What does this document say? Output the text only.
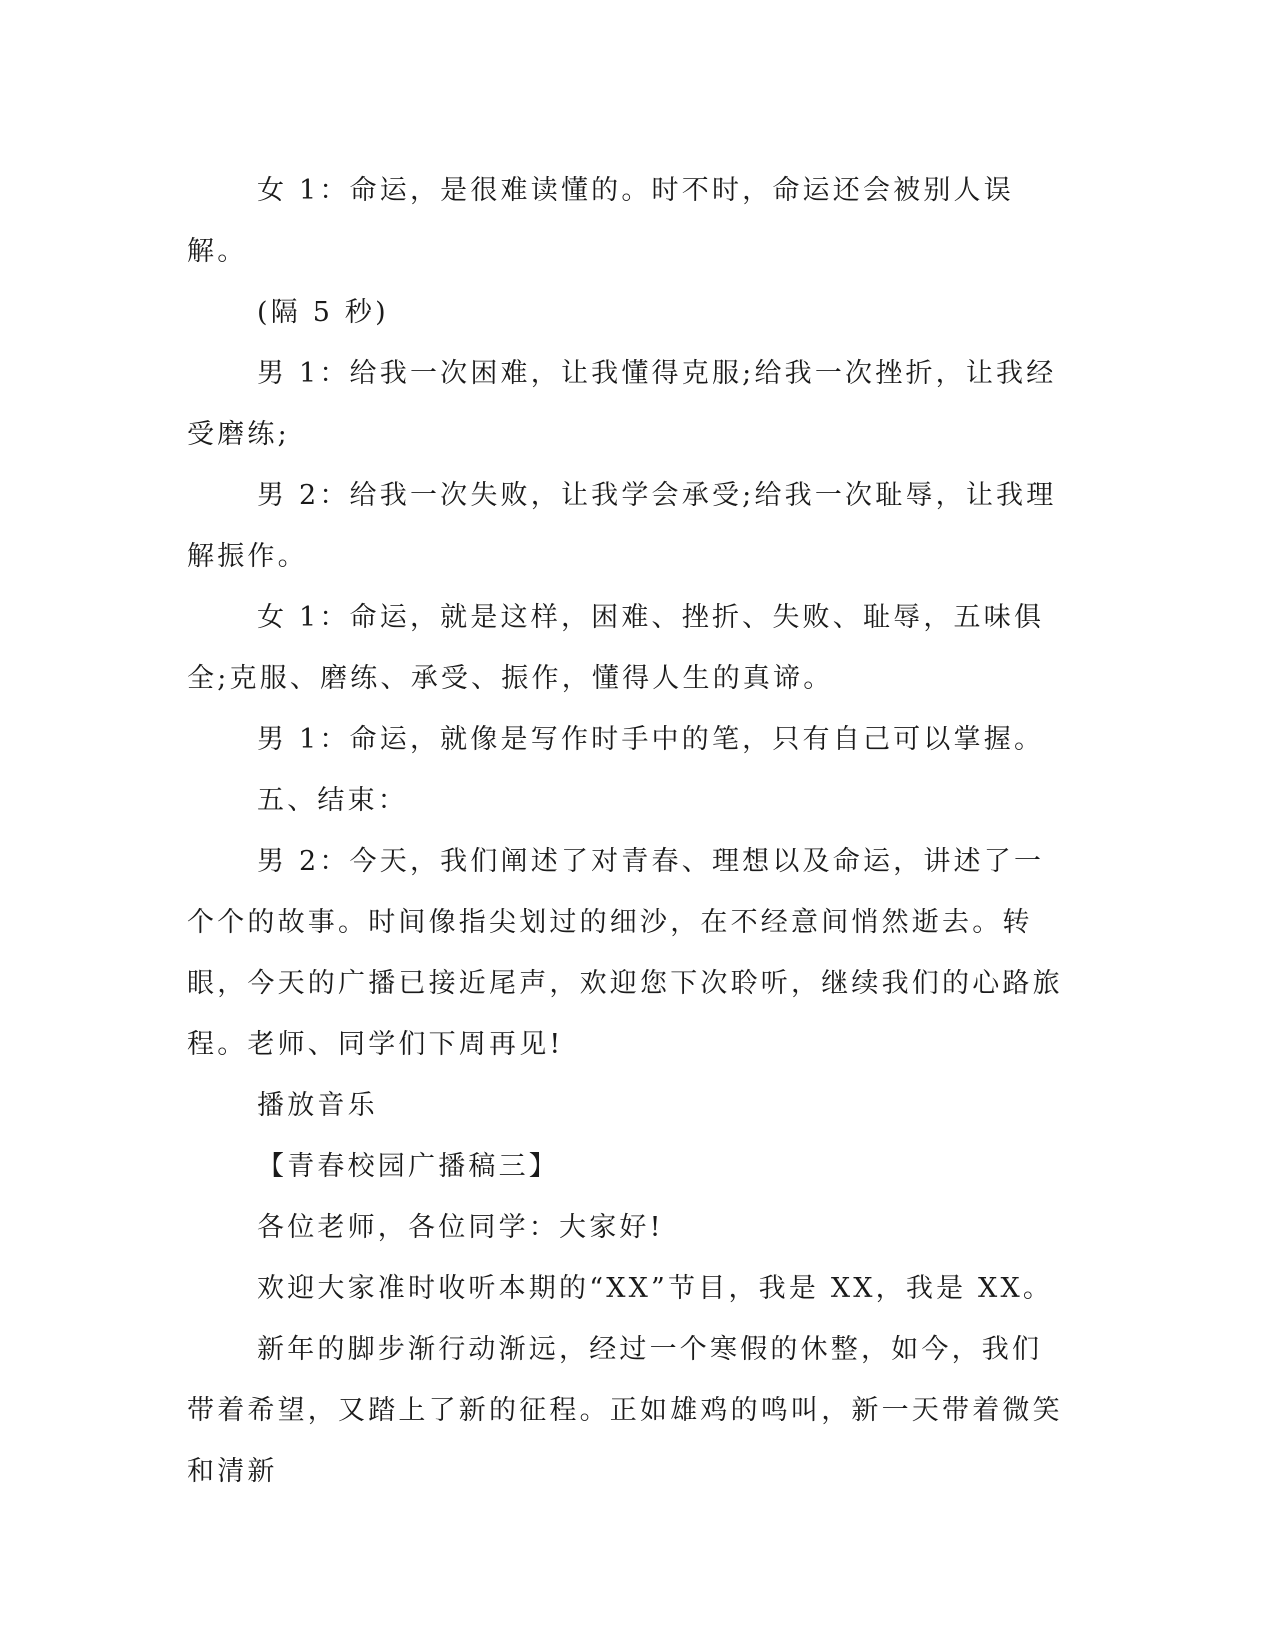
女 1：命运，是很难读懂的。时不时，命运还会被别人误解。

(隔 5 秒)

男 1：给我一次困难，让我懂得克服;给我一次挫折，让我经受磨练;

男 2：给我一次失败，让我学会承受;给我一次耻辱，让我理解振作。

女 1：命运，就是这样，困难、挫折、失败、耻辱，五味俱全;克服、磨练、承受、振作，懂得人生的真谛。

男 1：命运，就像是写作时手中的笔，只有自己可以掌握。

五、结束：

男 2：今天，我们阐述了对青春、理想以及命运，讲述了一个个的故事。时间像指尖划过的细沙，在不经意间悄然逝去。转眼，今天的广播已接近尾声，欢迎您下次聆听，继续我们的心路旅程。老师、同学们下周再见!

播放音乐

【青春校园广播稿三】

各位老师，各位同学：大家好!

欢迎大家准时收听本期的“XX”节目，我是 XX，我是 XX。

新年的脚步渐行动渐远，经过一个寒假的休整，如今，我们带着希望，又踏上了新的征程。正如雄鸡的鸣叫，新一天带着微笑和清新
